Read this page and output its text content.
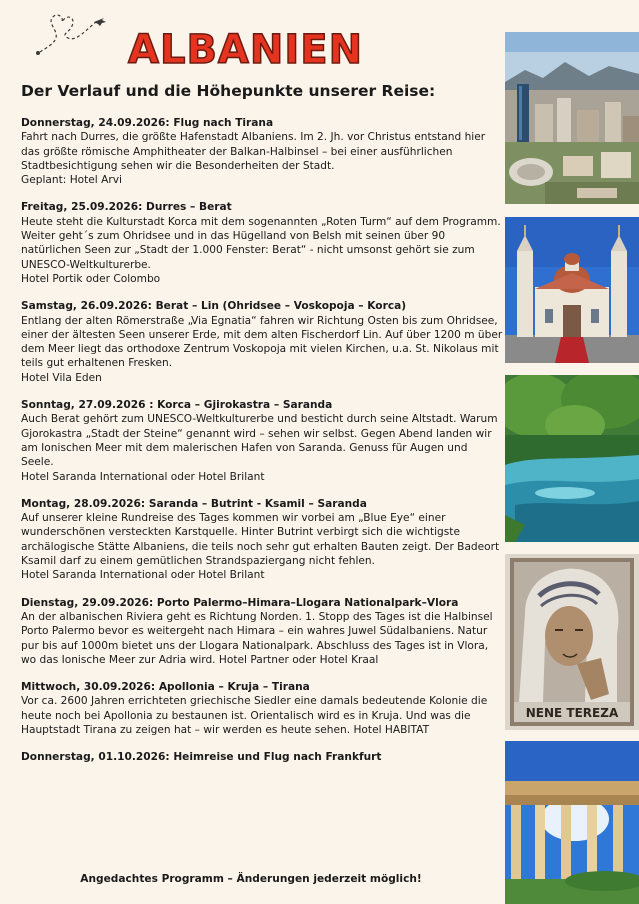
ALBANIEN
Der Verlauf und die Höhepunkte unserer Reise:
Donnerstag, 24.09.2026: Flug nach Tirana
Fahrt nach Durres, die größte Hafenstadt Albaniens. Im 2. Jh. vor Christus entstand hier das größte römische Amphitheater der Balkan-Halbinsel – bei einer ausführlichen Stadtbesichtigung sehen wir die Besonderheiten der Stadt.
Geplant: Hotel Arvi
Freitag, 25.09.2026: Durres – Berat
Heute steht die Kulturstadt Korca mit dem sogenannten „Roten Turm“ auf dem Programm. Weiter geht´s zum Ohridsee und in das Hügelland von Belsh mit seinen über 90 natürlichen Seen zur „Stadt der 1.000 Fenster: Berat“ - nicht umsonst gehört sie zum UNESCO-Weltkulturerbe.
Hotel Portik oder Colombo
Samstag, 26.09.2026: Berat – Lin (Ohridsee – Voskopoja – Korca)
Entlang der alten Römerstraße „Via Egnatia“ fahren wir Richtung Osten bis zum Ohridsee, einer der ältesten Seen unserer Erde, mit dem alten Fischerdorf Lin. Auf über 1200 m über dem Meer liegt das orthodoxe Zentrum Voskopoja mit vielen Kirchen, u.a. St. Nikolaus mit teils gut erhaltenen Fresken.
Hotel Vila Eden
Sonntag, 27.09.2026 : Korca – Gjirokastra – Saranda
Auch Berat gehört zum UNESCO-Weltkulturerbe und besticht durch seine Altstadt. Warum Gjorokastra „Stadt der Steine“ genannt wird – sehen wir selbst. Gegen Abend landen wir am Ionischen Meer mit dem malerischen Hafen von Saranda. Genuss für Augen und Seele.
Hotel Saranda International oder Hotel Brilant
Montag, 28.09.2026: Saranda – Butrint - Ksamil – Saranda
Auf unserer kleine Rundreise des Tages kommen wir vorbei am „Blue Eye“ einer wunderschönen versteckten Karstquelle. Hinter Butrint verbirgt sich die wichtigste archälogische Stätte Albaniens, die teils noch sehr gut erhalten Bauten zeigt. Der Badeort Ksamil darf zu einem gemütlichen Strandspaziergang nicht fehlen.
Hotel Saranda International oder Hotel Brilant
Dienstag, 29.09.2026: Porto Palermo–Himara–Llogara Nationalpark–Vlora
An der albanischen Riviera geht es Richtung Norden. 1. Stopp des Tages ist die Halbinsel Porto Palermo bevor es weitergeht nach Himara – ein wahres Juwel Südalbaniens. Natur pur bis auf 1000m bietet uns der Llogara Nationalpark. Abschluss des Tages ist in Vlora, wo das Ionische Meer zur Adria wird. Hotel Partner oder Hotel Kraal
Mittwoch, 30.09.2026: Apollonia – Kruja – Tirana
Vor ca. 2600 Jahren errichteten griechische Siedler eine damals bedeutende Kolonie die heute noch bei Apollonia zu bestaunen ist. Orientalisch wird es in Kruja. Und was die Hauptstadt Tirana zu zeigen hat – wir werden es heute sehen. Hotel HABITAT

Donnerstag, 01.10.2026: Heimreise und Flug nach Frankfurt

Angedachtes Programm – Änderungen jederzeit möglich!
NENE TEREZA
